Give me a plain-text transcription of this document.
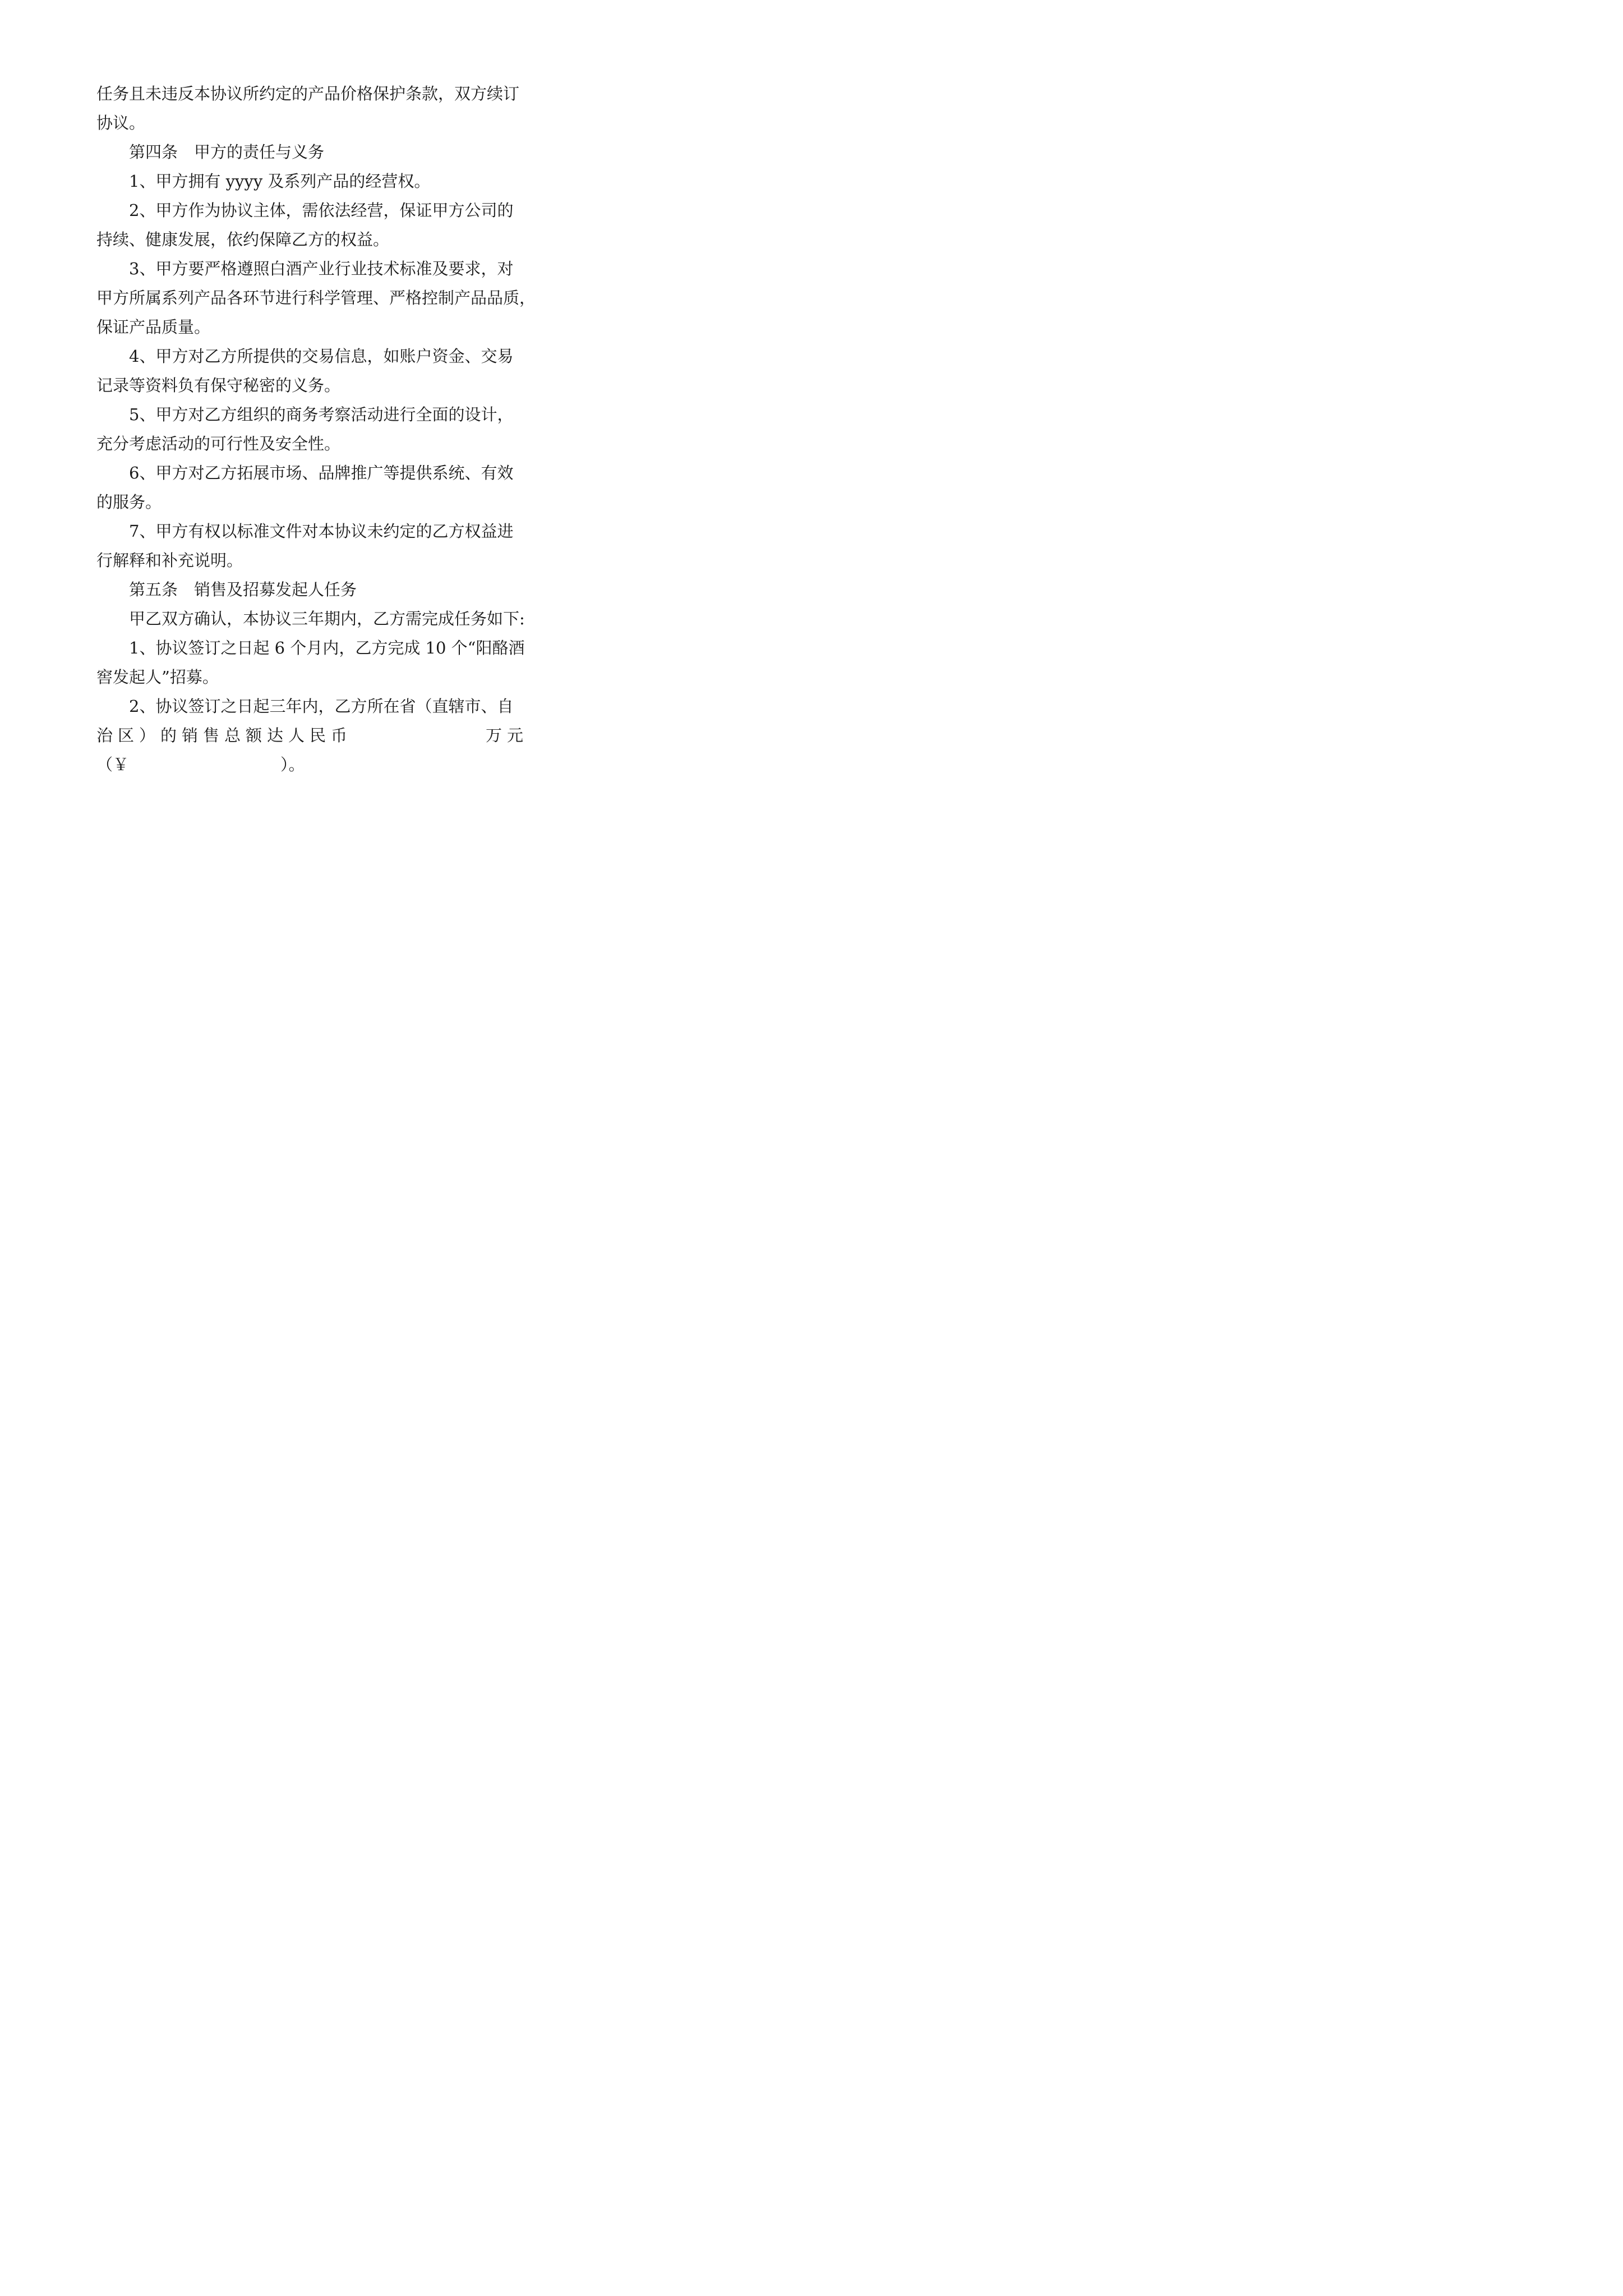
任务且未违反本协议所约定的产品价格保护条款，双方续订
协议。
第四条　甲方的责任与义务
1、甲方拥有 yyyy 及系列产品的经营权。
2、甲方作为协议主体，需依法经营，保证甲方公司的
持续、健康发展，依约保障乙方的权益。
3、甲方要严格遵照白酒产业行业技术标准及要求，对
甲方所属系列产品各环节进行科学管理、严格控制产品品质，
保证产品质量。
4、甲方对乙方所提供的交易信息，如账户资金、交易
记录等资料负有保守秘密的义务。
5、甲方对乙方组织的商务考察活动进行全面的设计，
充分考虑活动的可行性及安全性。
6、甲方对乙方拓展市场、品牌推广等提供系统、有效
的服务。
7、甲方有权以标准文件对本协议未约定的乙方权益进
行解释和补充说明。
第五条　销售及招募发起人任务
甲乙双方确认，本协议三年期内，乙方需完成任务如下:
1、协议签订之日起 6 个月内，乙方完成 10 个“阳酪酒
窖发起人”招募。
2、协议签订之日起三年内，乙方所在省（直辖市、自
治区）的销售总额达人民币	万元
（￥	）。
